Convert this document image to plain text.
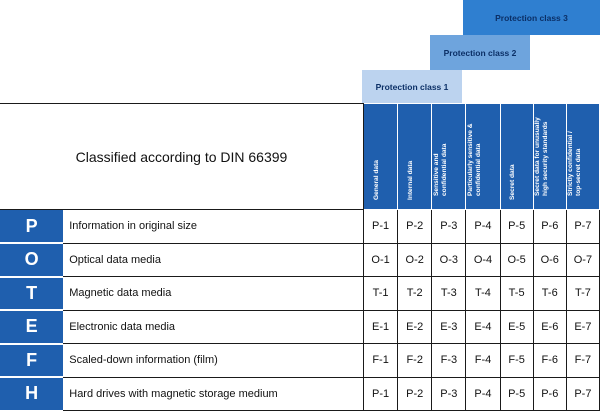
Protection class 1
Protection class 2
Protection class 3
Classified according to DIN 66399		General data	Internal data	Sensitive and confidential data	Particularly sensitive & confidential data	Secret data	Secret data for unusually high security standards	Strictly confidential / top-secret data

P	Information in original size	P-1	P-2	P-3	P-4	P-5	P-6	P-7
O	Optical data media	O-1	O-2	O-3	O-4	O-5	O-6	O-7
T	Magnetic data media	T-1	T-2	T-3	T-4	T-5	T-6	T-7
E	Electronic data media	E-1	E-2	E-3	E-4	E-5	E-6	E-7
F	Scaled-down information (film)	F-1	F-2	F-3	F-4	F-5	F-6	F-7
H	Hard drives with magnetic storage medium	P-1	P-2	P-3	P-4	P-5	P-6	P-7
